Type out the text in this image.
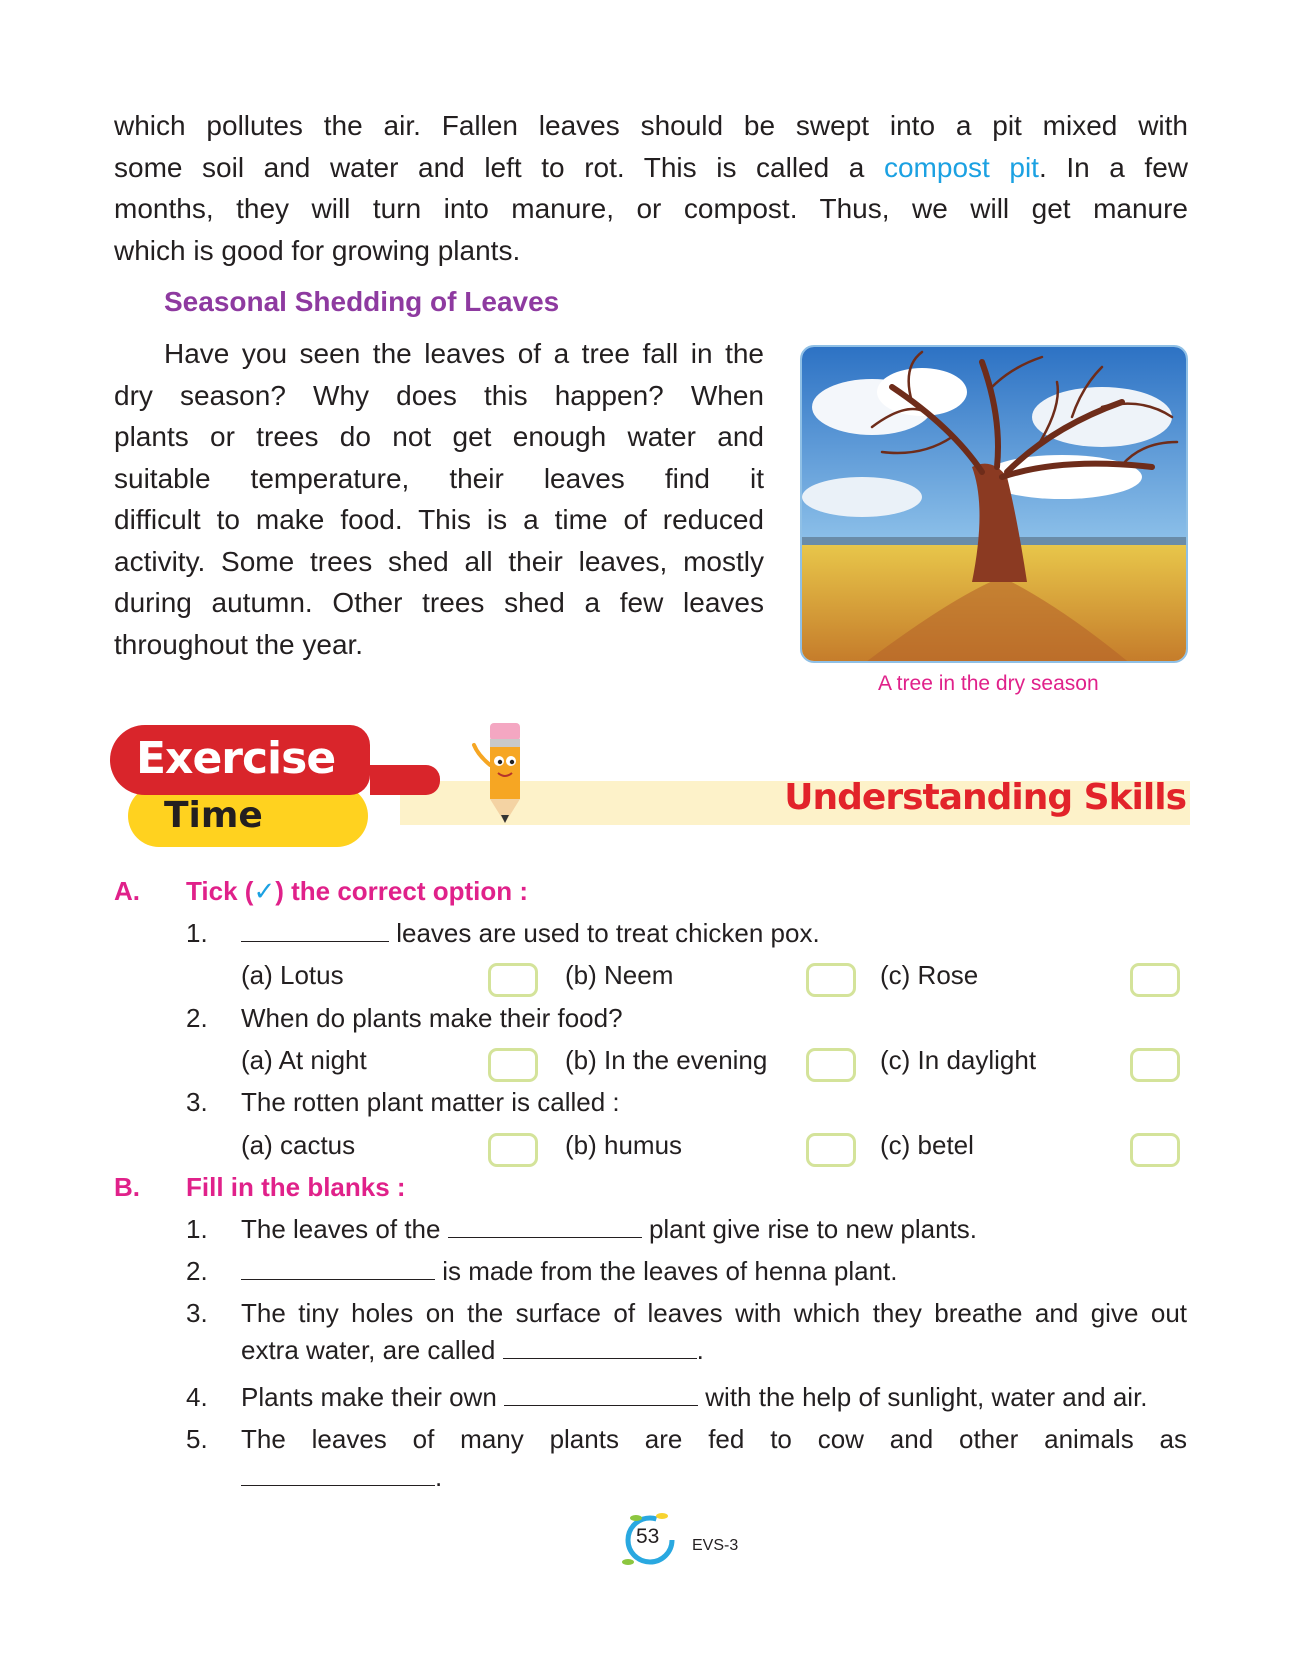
which pollutes the air. Fallen leaves should be swept into a pit mixed with
some soil and water and left to rot. This is called a compost pit. In a few
months, they will turn into manure, or compost. Thus, we will get manure
which is good for growing plants.
Seasonal Shedding of Leaves
Have you seen the leaves of a tree fall in the
dry season? Why does this happen? When
plants or trees do not get enough water and
suitable temperature, their leaves find it
difficult to make food. This is a time of reduced
activity. Some trees shed all their leaves, mostly
during autumn. Other trees shed a few leaves
throughout the year.
A tree in the dry season
Understanding Skills
Time
Exercise
A. Tick (✓) the correct option :
1.	leaves are used to treat chicken pox.
(a) Lotus	(b) Neem	(c) Rose
2. When do plants make their food?
(a) At night	(b) In the evening	(c) In daylight
3. The rotten plant matter is called :
(a) cactus	(b) humus	(c) betel
B. Fill in the blanks :
1. The leaves of the	plant give rise to new plants.
2.	is made from the leaves of henna plant.
3. The tiny holes on the surface of leaves with which they breathe and give out
extra water, are called	.
4. Plants make their own	with the help of sunlight, water and air.
5. The leaves of many plants are fed to cow and other animals as
.
53 EVS-3
